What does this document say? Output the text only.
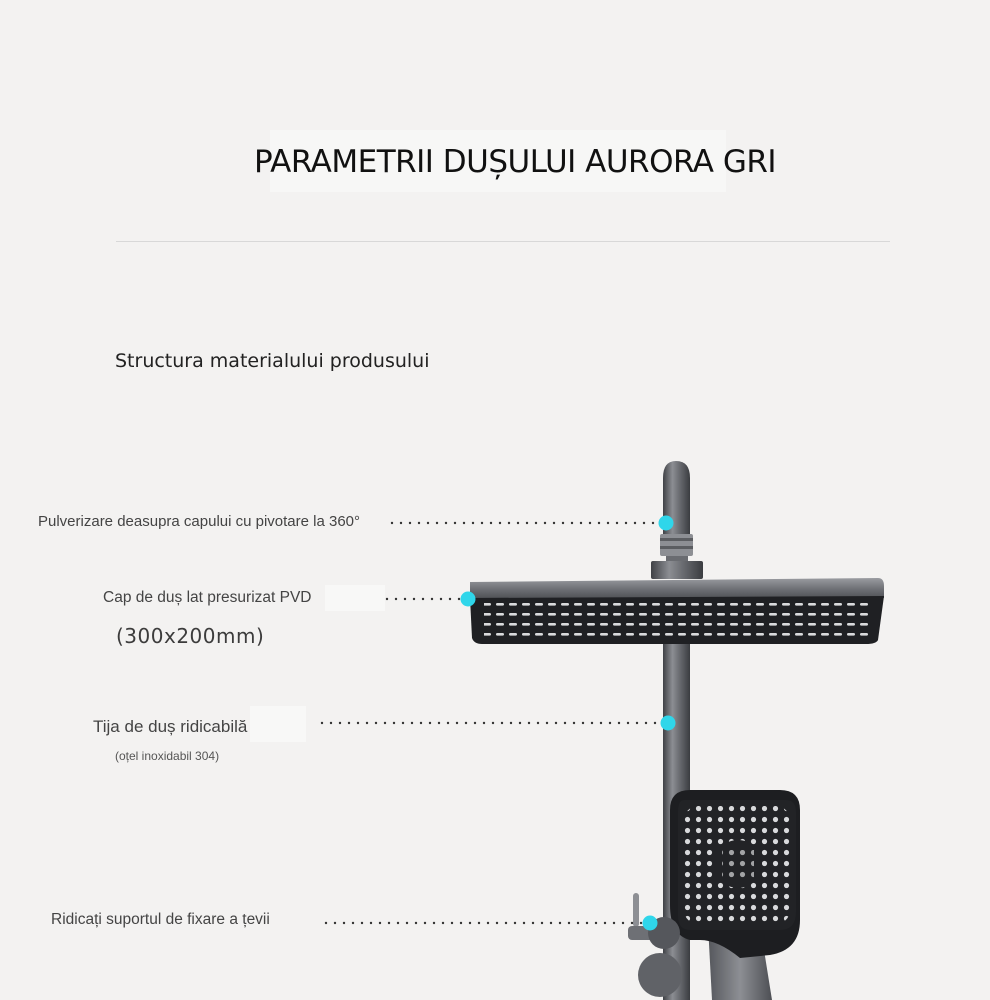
PARAMETRII DUȘULUI AURORA GRI
Structura materialului produsului
Pulverizare deasupra capului cu pivotare la 360°
Cap de duș lat presurizat PVD
(300x200mm)
Tija de duș ridicabilă
(oțel inoxidabil 304)
Ridicați suportul de fixare a țevii
